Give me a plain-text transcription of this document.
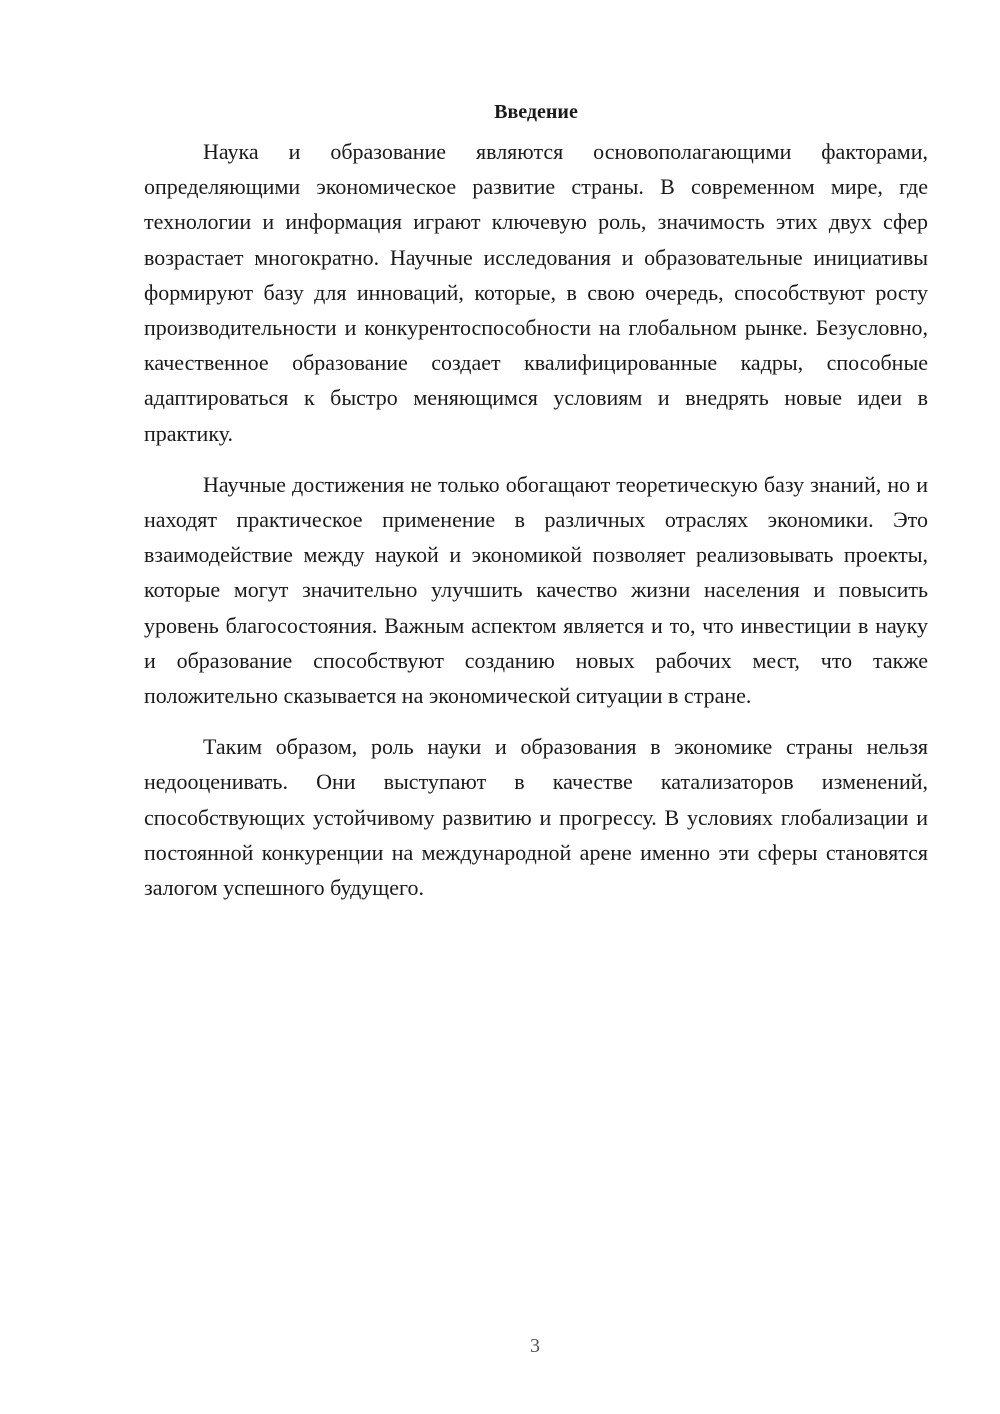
Введение

Наука и образование являются основополагающими факторами, определяющими экономическое развитие страны. В современном мире, где технологии и информация играют ключевую роль, значимость этих двух сфер возрастает многократно. Научные исследования и образовательные инициативы формируют базу для инноваций, которые, в свою очередь, способствуют росту производительности и конкурентоспособности на глобальном рынке. Безусловно, качественное образование создает квалифицированные кадры, способные адаптироваться к быстро меняющимся условиям и внедрять новые идеи в практику.

Научные достижения не только обогащают теоретическую базу знаний, но и находят практическое применение в различных отраслях экономики. Это взаимодействие между наукой и экономикой позволяет реализовывать проекты, которые могут значительно улучшить качество жизни населения и повысить уровень благосостояния. Важным аспектом является и то, что инвестиции в науку и образование способствуют созданию новых рабочих мест, что также положительно сказывается на экономической ситуации в стране.

Таким образом, роль науки и образования в экономике страны нельзя недооценивать. Они выступают в качестве катализаторов изменений, способствующих устойчивому развитию и прогрессу. В условиях глобализации и постоянной конкуренции на международной арене именно эти сферы становятся залогом успешного будущего.

3
